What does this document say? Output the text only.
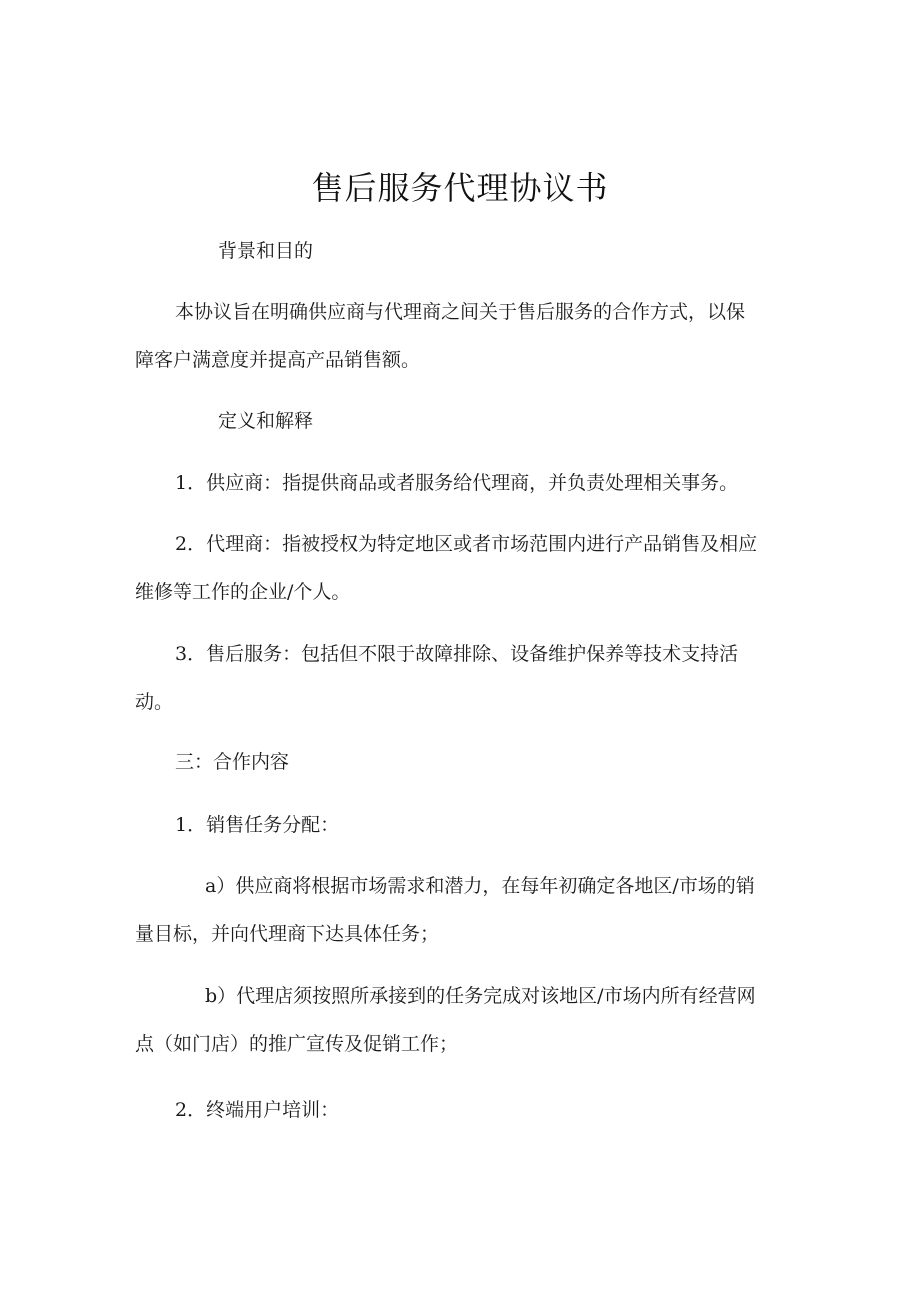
售后服务代理协议书

背景和目的

本协议旨在明确供应商与代理商之间关于售后服务的合作方式，以保

障客户满意度并提高产品销售额。

定义和解释

1．供应商：指提供商品或者服务给代理商，并负责处理相关事务。

2．代理商：指被授权为特定地区或者市场范围内进行产品销售及相应

维修等工作的企业/个人。

3．售后服务：包括但不限于故障排除、设备维护保养等技术支持活

动。

三：合作内容

1．销售任务分配：

a）供应商将根据市场需求和潜力，在每年初确定各地区/市场的销

量目标，并向代理商下达具体任务；

b）代理店须按照所承接到的任务完成对该地区/市场内所有经营网

点（如门店）的推广宣传及促销工作；

2．终端用户培训：
